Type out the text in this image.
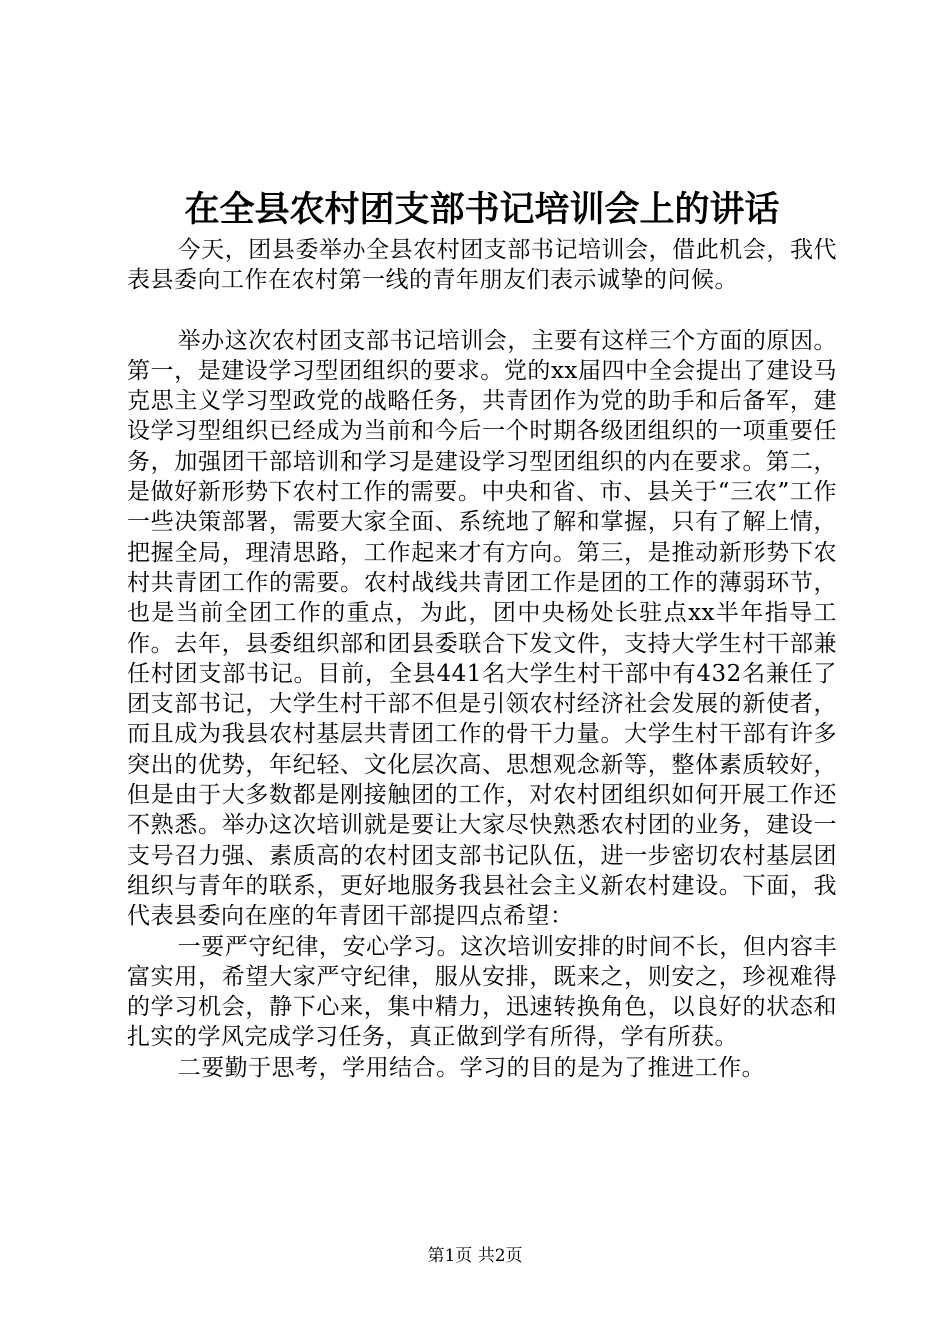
在全县农村团支部书记培训会上的讲话

今天，团县委举办全县农村团支部书记培训会，借此机会，我代表县委向工作在农村第一线的青年朋友们表示诚挚的问候。

举办这次农村团支部书记培训会，主要有这样三个方面的原因。第一，是建设学习型团组织的要求。党的xx届四中全会提出了建设马克思主义学习型政党的战略任务，共青团作为党的助手和后备军，建设学习型组织已经成为当前和今后一个时期各级团组织的一项重要任务，加强团干部培训和学习是建设学习型团组织的内在要求。第二，是做好新形势下农村工作的需要。中央和省、市、县关于“三农”工作一些决策部署，需要大家全面、系统地了解和掌握，只有了解上情，把握全局，理清思路，工作起来才有方向。第三，是推动新形势下农村共青团工作的需要。农村战线共青团工作是团的工作的薄弱环节，也是当前全团工作的重点，为此，团中央杨处长驻点xx半年指导工作。去年，县委组织部和团县委联合下发文件，支持大学生村干部兼任村团支部书记。目前，全县441名大学生村干部中有432名兼任了团支部书记，大学生村干部不但是引领农村经济社会发展的新使者，而且成为我县农村基层共青团工作的骨干力量。大学生村干部有许多突出的优势，年纪轻、文化层次高、思想观念新等，整体素质较好，但是由于大多数都是刚接触团的工作，对农村团组织如何开展工作还不熟悉。举办这次培训就是要让大家尽快熟悉农村团的业务，建设一支号召力强、素质高的农村团支部书记队伍，进一步密切农村基层团组织与青年的联系，更好地服务我县社会主义新农村建设。下面，我代表县委向在座的年青团干部提四点希望：

一要严守纪律，安心学习。这次培训安排的时间不长，但内容丰富实用，希望大家严守纪律，服从安排，既来之，则安之，珍视难得的学习机会，静下心来，集中精力，迅速转换角色，以良好的状态和扎实的学风完成学习任务，真正做到学有所得，学有所获。

二要勤于思考，学用结合。学习的目的是为了推进工作。

第1页 共2页
